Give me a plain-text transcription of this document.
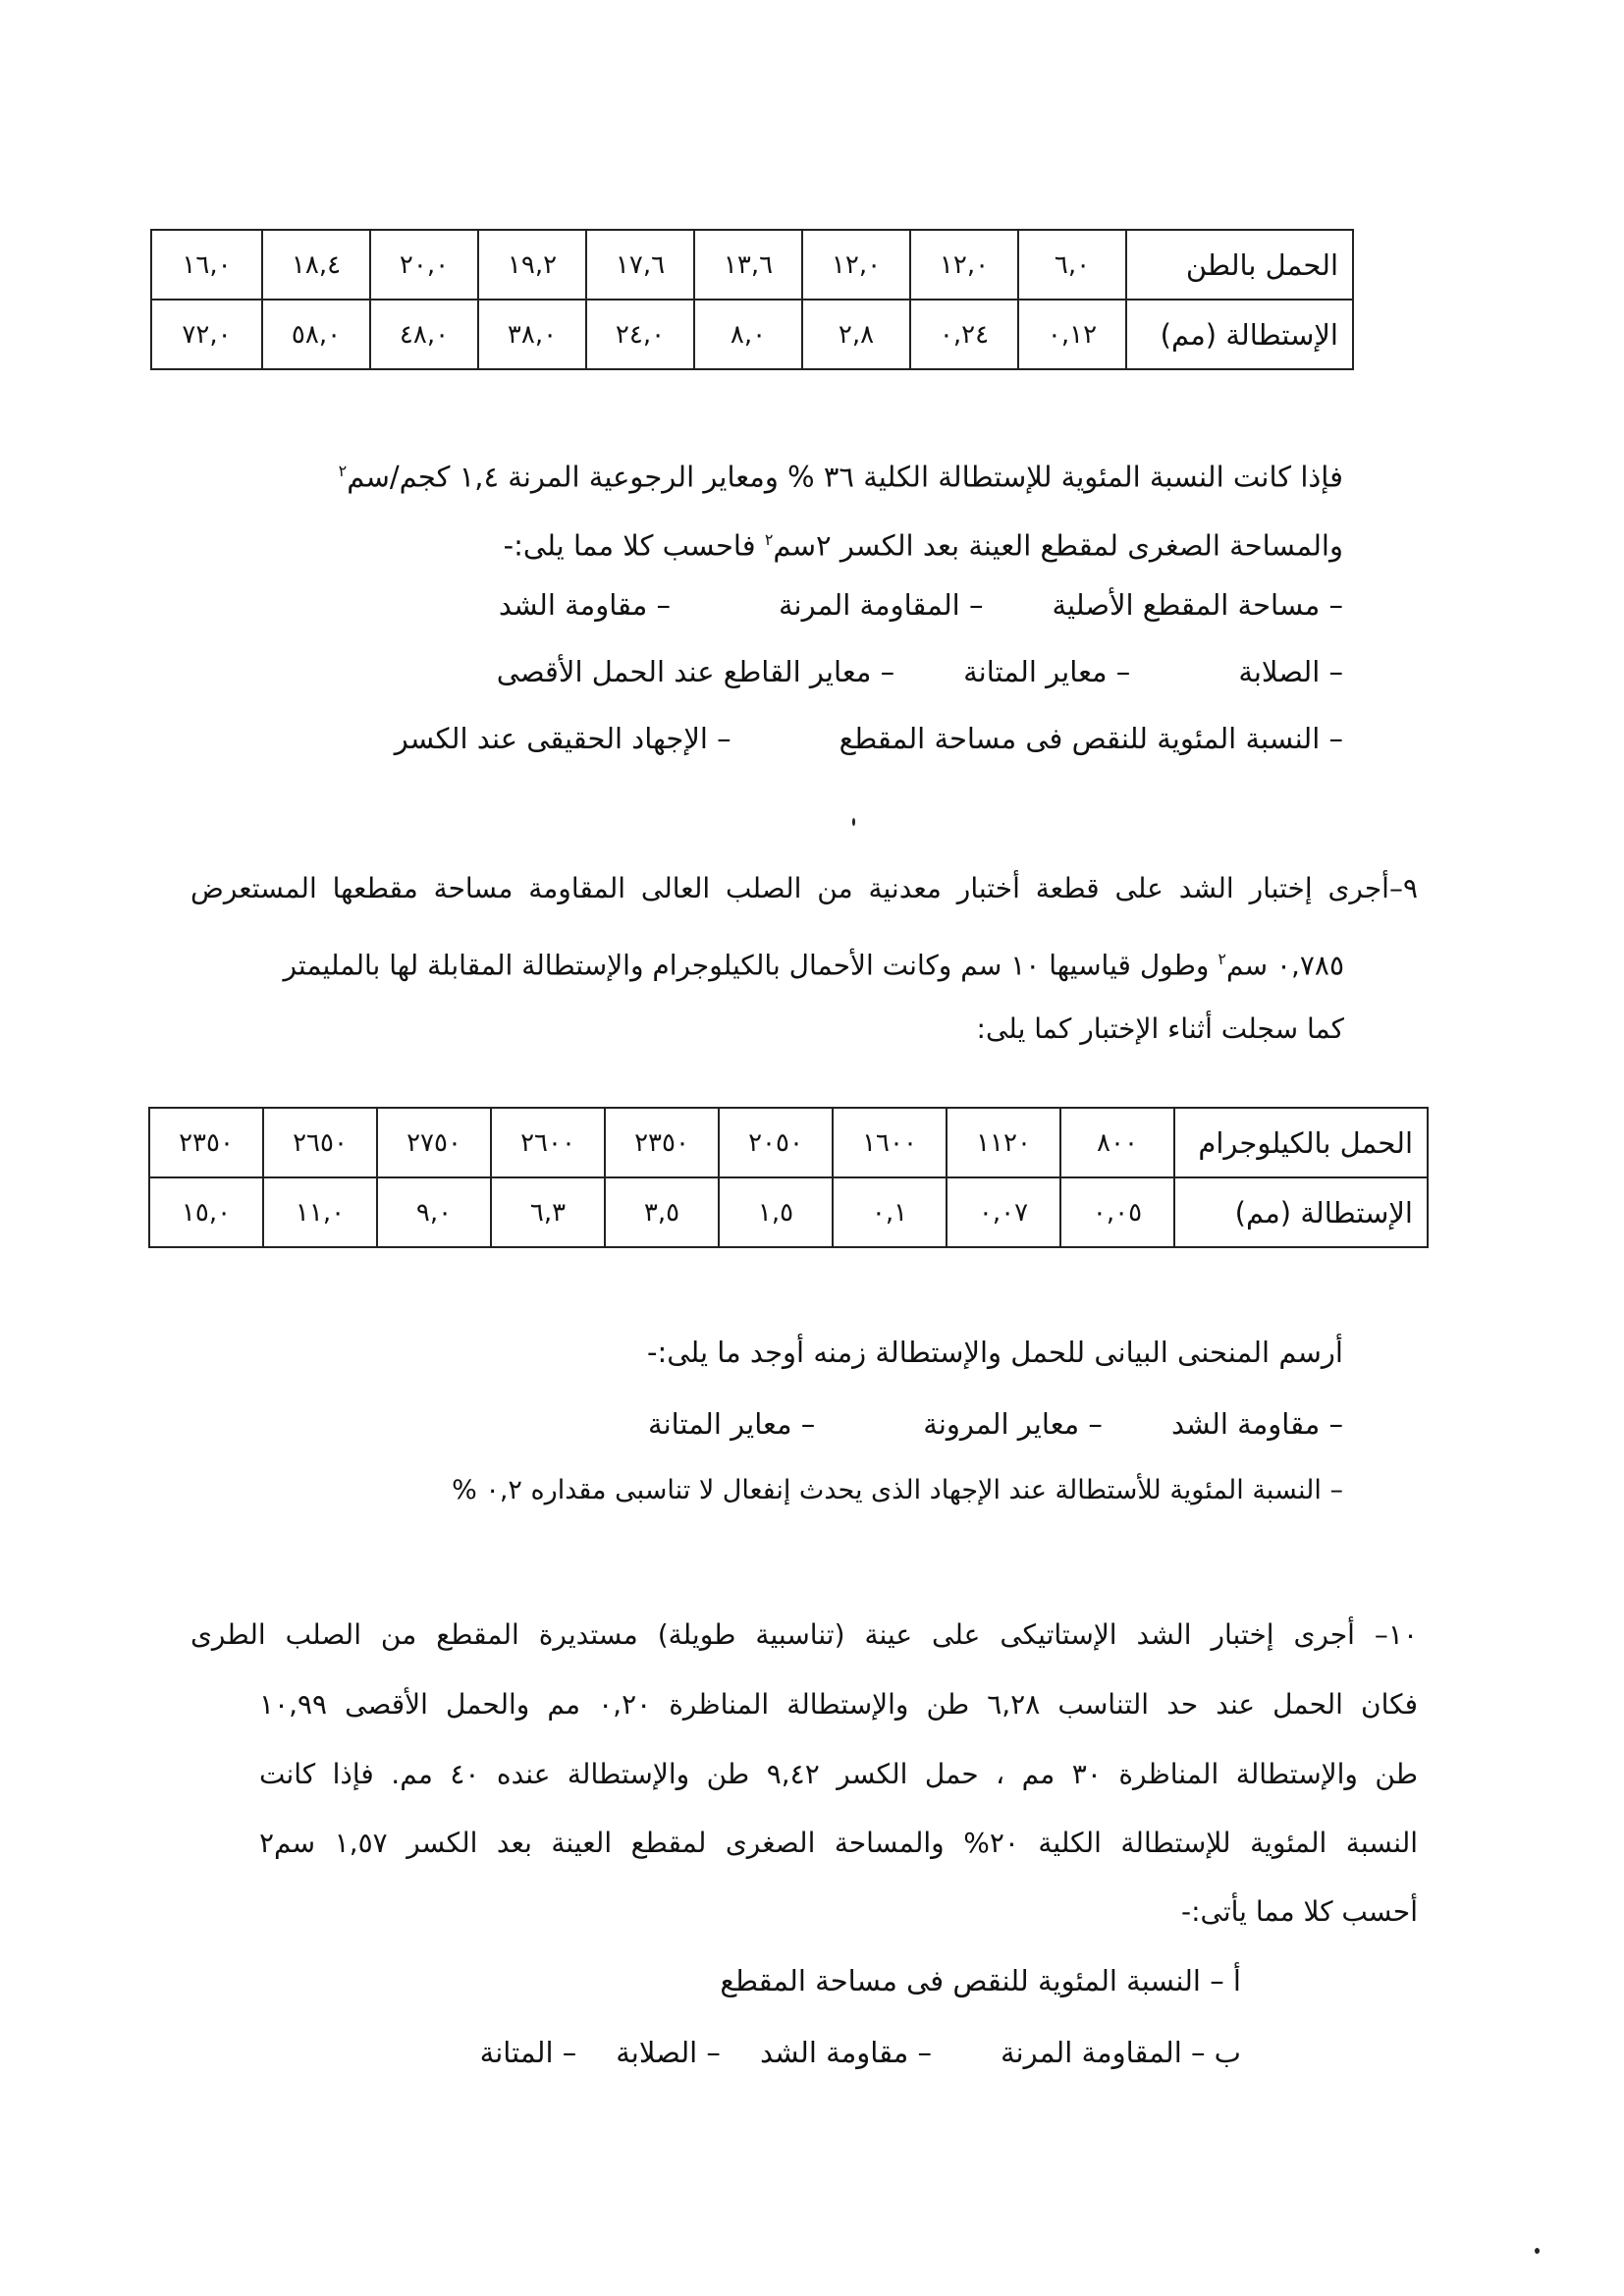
الحمل بالطن	٦,٠	١٢,٠	١٢,٠	١٣,٦	١٧,٦	١٩,٢	٢٠,٠	١٨,٤	١٦,٠
الإستطالة (مم)	٠,١٢	٠,٢٤	٢,٨	٨,٠	٢٤,٠	٣٨,٠	٤٨,٠	٥٨,٠	٧٢,٠
فإذا كانت النسبة المئوية للإستطالة الكلية ٣٦ % ومعاير الرجوعية المرنة ١,٤ كجم/سم$^٢$
والمساحة الصغرى لمقطع العينة بعد الكسر ٢سم$^٢$ فاحسب كلا مما يلى:-
– مساحة المقطع الأصلية– المقاومة المرنة– مقاومة الشد
– الصلابة– معاير المتانة– معاير القاطع عند الحمل الأقصى
– النسبة المئوية للنقص فى مساحة المقطع– الإجهاد الحقيقى عند الكسر
٩–أجرى إختبار الشد على قطعة أختبار معدنية من الصلب العالى المقاومة مساحة مقطعها المستعرض
٠,٧٨٥ سم$^٢$ وطول قياسيها ١٠ سم وكانت الأحمال بالكيلوجرام والإستطالة المقابلة لها بالمليمتر
كما سجلت أثناء الإختبار كما يلى:
الحمل بالكيلوجرام	٨٠٠	١١٢٠	١٦٠٠	٢٠٥٠	٢٣٥٠	٢٦٠٠	٢٧٥٠	٢٦٥٠	٢٣٥٠
الإستطالة (مم)	٠,٠٥	٠,٠٧	٠,١	١,٥	٣,٥	٦,٣	٩,٠	١١,٠	١٥,٠
أرسم المنحنى البيانى للحمل والإستطالة زمنه أوجد ما يلى:-
– مقاومة الشد– معاير المرونة– معاير المتانة
– النسبة المئوية للأستطالة عند الإجهاد الذى يحدث إنفعال لا تناسبى مقداره ٠,٢ %
١٠– أجرى إختبار الشد الإستاتيكى على عينة (تناسبية طويلة) مستديرة المقطع من الصلب الطرى
فكان الحمل عند حد التناسب ٦,٢٨ طن والإستطالة المناظرة ٠,٢٠ مم والحمل الأقصى ١٠,٩٩
طن والإستطالة المناظرة ٣٠ مم ، حمل الكسر ٩,٤٢ طن والإستطالة عنده ٤٠ مم. فإذا كانت
النسبة المئوية للإستطالة الكلية ٢٠% والمساحة الصغرى لمقطع العينة بعد الكسر ١,٥٧ سم٢
أحسب كلا مما يأتى:-
أ – النسبة المئوية للنقص فى مساحة المقطع
ب – المقاومة المرنة– مقاومة الشد– الصلابة– المتانة
